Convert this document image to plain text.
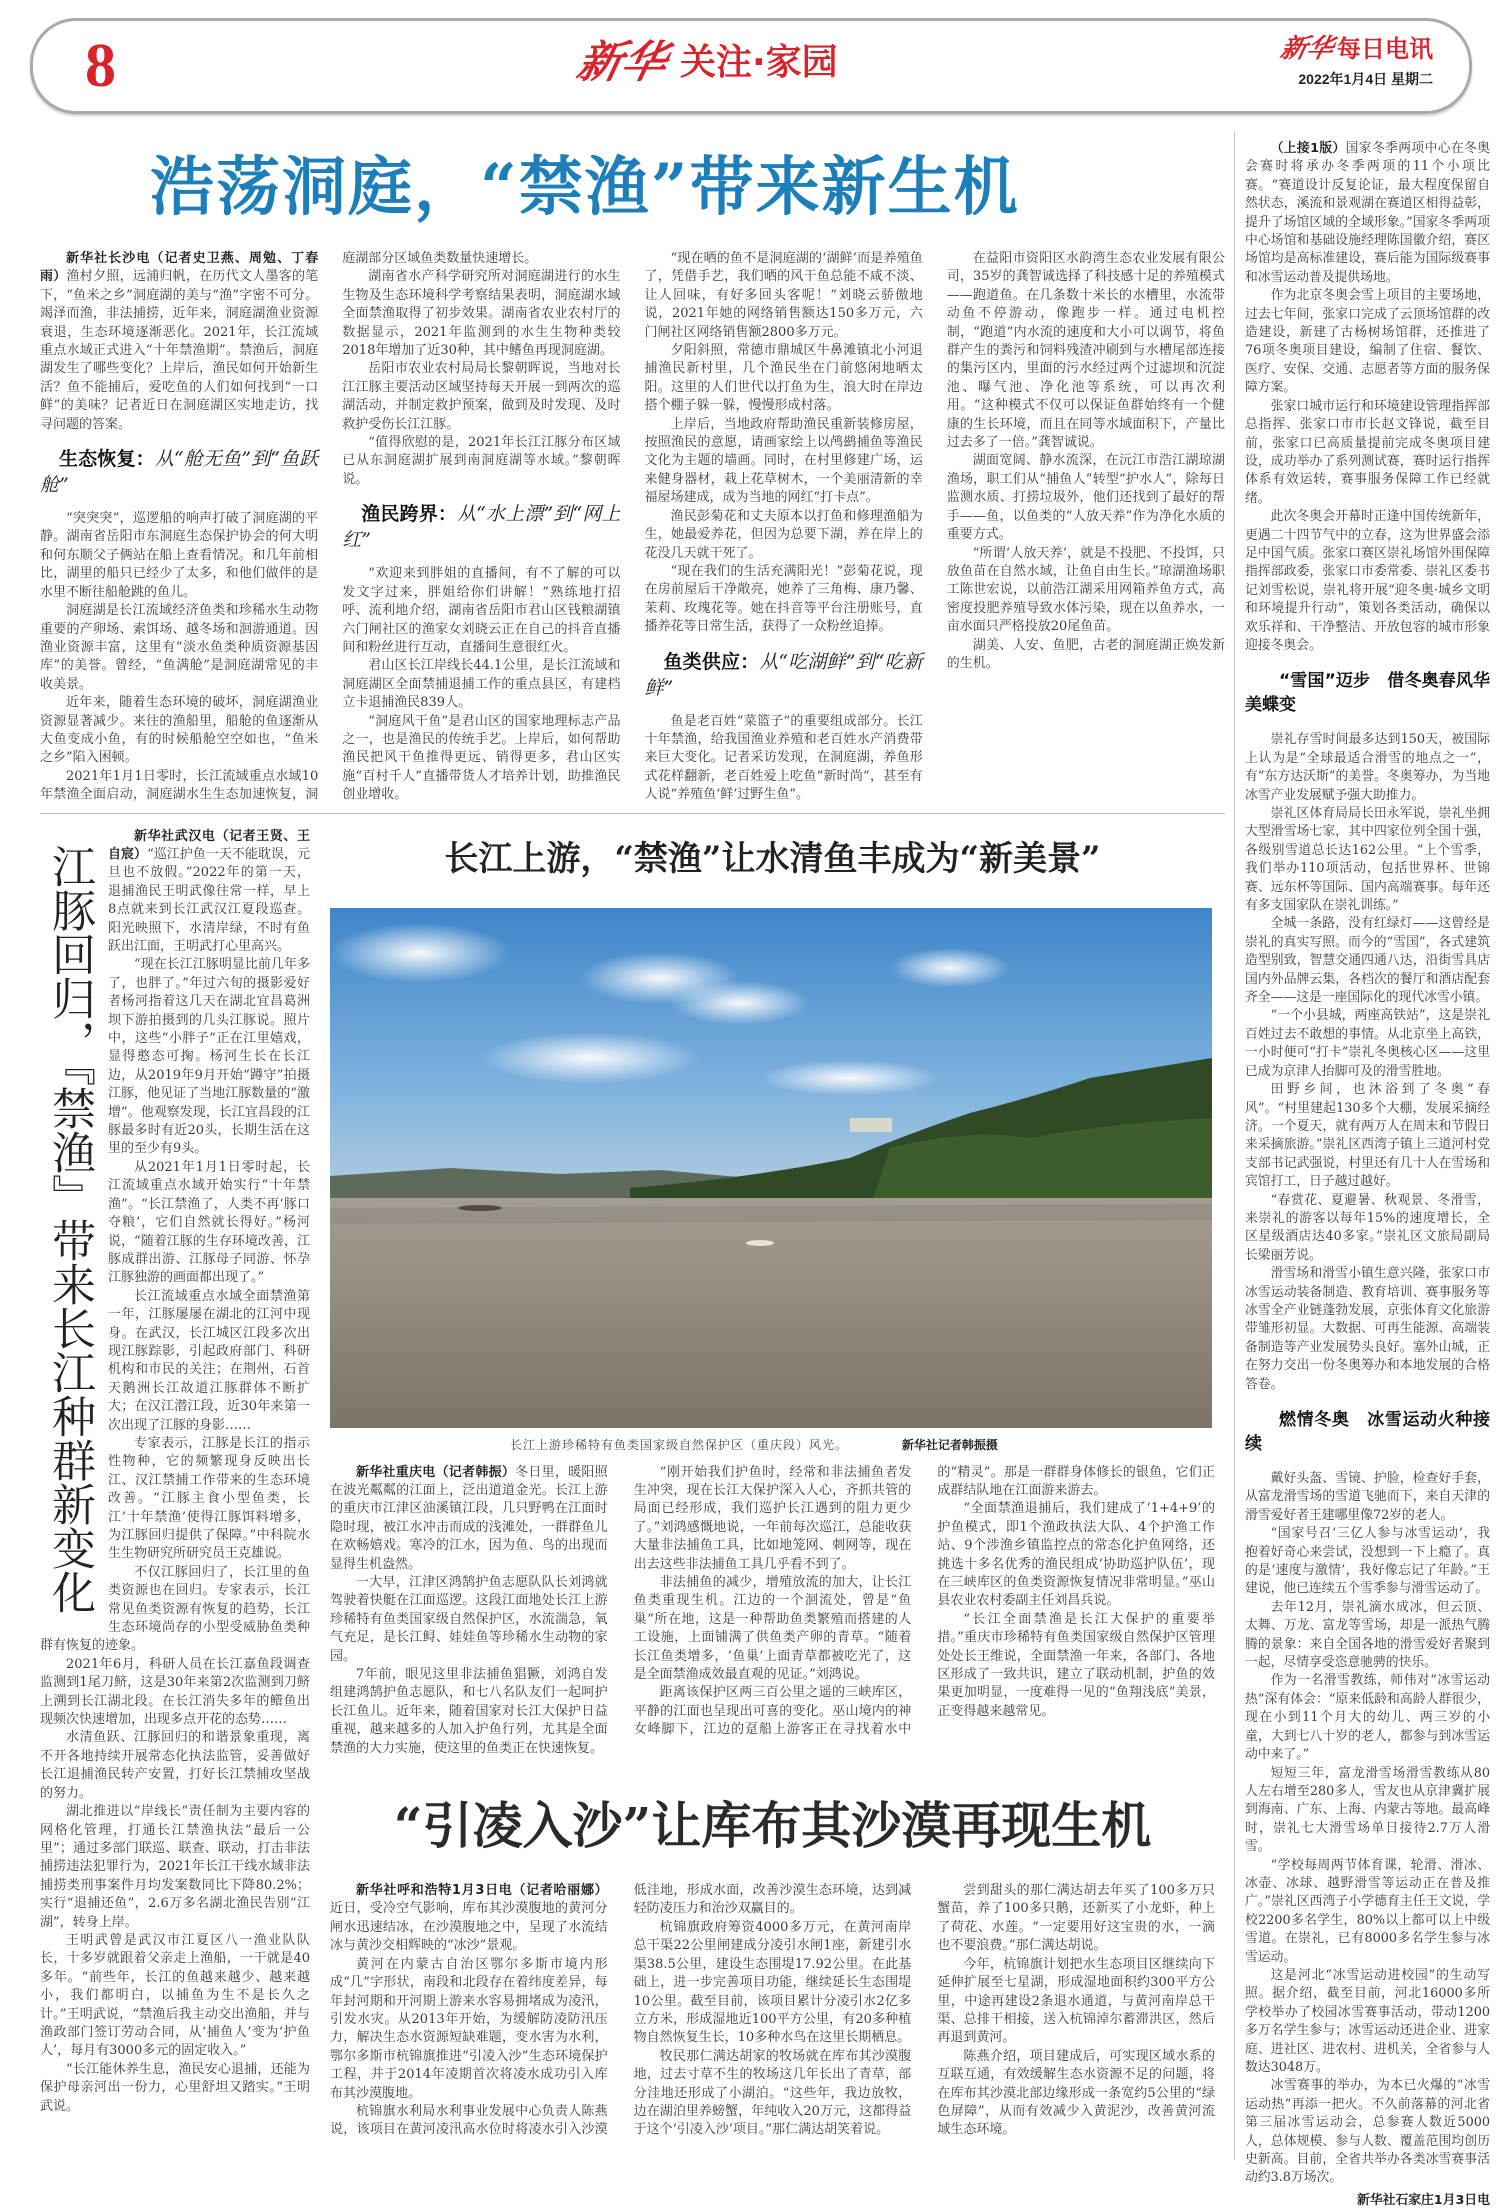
8	新华 关注·家园	新华每日电讯
2022年1月4日 星期二
浩荡洞庭，“禁渔”带来新生机

新华社长沙电（记者史卫燕、周勉、丁春雨）渔村夕照，远浦归帆，在历代文人墨客的笔下，“鱼米之乡”洞庭湖的美与“渔”字密不可分。竭泽而渔，非法捕捞，近年来，洞庭湖渔业资源衰退，生态环境逐渐恶化。2021年，长江流域重点水域正式进入“十年禁渔期”。禁渔后，洞庭湖发生了哪些变化？上岸后，渔民如何开始新生活？鱼不能捕后，爱吃鱼的人们如何找到“一口鲜”的美味？记者近日在洞庭湖区实地走访，找寻问题的答案。

生态恢复：从“舱无鱼”到“鱼跃舱”

“突突突”，巡逻船的响声打破了洞庭湖的平静。湖南省岳阳市东洞庭生态保护协会的何大明和何东顺父子俩站在船上查看情况。和几年前相比，湖里的船只已经少了太多，和他们做伴的是水里不断往船舱跳的鱼儿。

洞庭湖是长江流域经济鱼类和珍稀水生动物重要的产卵场、索饵场、越冬场和洄游通道。因渔业资源丰富，这里有“淡水鱼类种质资源基因库”的美誉。曾经，“鱼满舱”是洞庭湖常见的丰收美景。

近年来，随着生态环境的破坏，洞庭湖渔业资源显著减少。来往的渔船里，船舱的鱼逐渐从大鱼变成小鱼，有的时候船舱空空如也，“鱼米之乡”陷入困顿。

2021年1月1日零时，长江流域重点水域10年禁渔全面启动，洞庭湖水生生态加速恢复，洞庭湖部分区域鱼类数量快速增长。

湖南省水产科学研究所对洞庭湖进行的水生生物及生态环境科学考察结果表明，洞庭湖水域全面禁渔取得了初步效果。湖南省农业农村厅的数据显示，2021年监测到的水生生物种类较2018年增加了近30种，其中鳍鱼再现洞庭湖。

岳阳市农业农村局局长黎朝晖说，当地对长江江豚主要活动区域坚持每天开展一到两次的巡湖活动，并制定救护预案，做到及时发现、及时救护受伤长江江豚。

“值得欣慰的是，2021年长江江豚分布区域已从东洞庭湖扩展到南洞庭湖等水域。”黎朝晖说。

渔民跨界：从“水上漂”到“网上红”

“欢迎来到胖姐的直播间，有不了解的可以发文字过来，胖姐给你们讲解！”熟练地打招呼、流利地介绍，湖南省岳阳市君山区钱粮湖镇六门闸社区的渔家女刘晓云正在自己的抖音直播间和粉丝进行互动，直播间生意很红火。

君山区长江岸线长44.1公里，是长江流域和洞庭湖区全面禁捕退捕工作的重点县区，有建档立卡退捕渔民839人。

“洞庭风干鱼”是君山区的国家地理标志产品之一，也是渔民的传统手艺。上岸后，如何帮助渔民把风干鱼推得更远、销得更多，君山区实施“百村千人”直播带货人才培养计划，助推渔民创业增收。

“现在晒的鱼不是洞庭湖的‘湖鲜’而是养殖鱼了，凭借手艺，我们晒的风干鱼总能不咸不淡、让人回味，有好多回头客呢！”刘晓云骄傲地说，2021年她的网络销售额达150多万元，六门闸社区网络销售额2800多万元。

夕阳斜照，常德市鼎城区牛鼻滩镇北小河退捕渔民新村里，几个渔民坐在门前悠闲地晒太阳。这里的人们世代以打鱼为生，浪大时在岸边搭个棚子躲一躲，慢慢形成村落。

上岸后，当地政府帮助渔民重新装修房屋，按照渔民的意愿，请画家绘上以鸬鹚捕鱼等渔民文化为主题的墙画。同时，在村里修建广场，运来健身器材，栽上花草树木，一个美丽清新的幸福屋场建成，成为当地的网红“打卡点”。

渔民彭菊花和丈夫原本以打鱼和修理渔船为生，她最爱养花，但因为总要下湖，养在岸上的花没几天就干死了。

“现在我们的生活充满阳光！”彭菊花说，现在房前屋后干净敞亮，她养了三角梅、康乃馨、茉莉、玫瑰花等。她在抖音等平台注册账号，直播养花等日常生活，获得了一众粉丝追捧。

鱼类供应：从“吃湖鲜”到“吃新鲜”

鱼是老百姓“菜篮子”的重要组成部分。长江十年禁渔，给我国渔业养殖和老百姓水产消费带来巨大变化。记者采访发现，在洞庭湖，养鱼形式花样翻新，老百姓爱上吃鱼“新时尚”，甚至有人说“养殖鱼‘鲜’过野生鱼”。

在益阳市资阳区水韵湾生态农业发展有限公司，35岁的龚智诚选择了科技感十足的养殖模式——跑道鱼。在几条数十米长的水槽里，水流带动鱼不停游动，像跑步一样。通过电机控制，“跑道”内水流的速度和大小可以调节，将鱼群产生的粪污和饲料残渣冲刷到与水槽尾部连接的集污区内，里面的污水经过两个过滤坝和沉淀池、曝气池、净化池等系统，可以再次利用。“这种模式不仅可以保证鱼群始终有一个健康的生长环境，而且在同等水域面积下，产量比过去多了一倍。”龚智诚说。

湖面宽阔、静水流深，在沅江市浩江湖琼湖渔场，职工们从“捕鱼人”转型“护水人”，除每日监测水质、打捞垃圾外，他们还找到了最好的帮手——鱼，以鱼类的“人放天养”作为净化水质的重要方式。

“所谓‘人放天养’，就是不投肥、不投饵，只放鱼苗在自然水域，让鱼自由生长。”琼湖渔场职工陈世宏说，以前浩江湖采用网箱养鱼方式，高密度投肥养殖导致水体污染，现在以鱼养水，一亩水面只严格投放20尾鱼苗。

湖美、人安、鱼肥，古老的洞庭湖正焕发新的生机。

江豚回归，『禁渔』带来长江种群新变化

新华社武汉电（记者王贤、王自宸）“巡江护鱼一天不能耽误，元旦也不放假。”2022年的第一天，退捕渔民王明武像往常一样，早上8点就来到长江武汉江夏段巡查。阳光映照下，水清岸绿，不时有鱼跃出江面，王明武打心里高兴。

“现在长江江豚明显比前几年多了，也胖了。”年过六旬的摄影爱好者杨河指着这几天在湖北宜昌葛洲坝下游拍摄到的几头江豚说。照片中，这些“小胖子”正在江里嬉戏，显得憨态可掬。杨河生长在长江边，从2019年9月开始“蹲守”拍摄江豚，他见证了当地江豚数量的“激增”。他观察发现，长江宜昌段的江豚最多时有近20头，长期生活在这里的至少有9头。

从2021年1月1日零时起，长江流域重点水域开始实行“十年禁渔”。“长江禁渔了，人类不再‘豚口夺粮’，它们自然就长得好。”杨河说，“随着江豚的生存环境改善，江豚成群出游、江豚母子同游、怀孕江豚独游的画面都出现了。”

长江流域重点水域全面禁渔第一年，江豚屡屡在湖北的江河中现身。在武汉，长江城区江段多次出现江豚踪影，引起政府部门、科研机构和市民的关注；在荆州，石首天鹅洲长江故道江豚群体不断扩大；在汉江潜江段，近30年来第一次出现了江豚的身影……

专家表示，江豚是长江的指示性物种，它的频繁现身反映出长江、汉江禁捕工作带来的生态环境改善。“江豚主食小型鱼类，长江‘十年禁渔’使得江豚饵料增多，为江豚回归提供了保障。”中科院水生生物研究所研究员王克雄说。

不仅江豚回归了，长江里的鱼类资源也在回归。专家表示，长江常见鱼类资源有恢复的趋势，长江生态环境尚存的小型受威胁鱼类种群有恢复的迹象。

2021年6月，科研人员在长江嘉鱼段调查监测到1尾刀鲚，这是30年来第2次监测到刀鲚上溯到长江湖北段。在长江消失多年的鳤鱼出现频次快速增加，出现多点开花的态势……

水清鱼跃、江豚回归的和谐景象重现，离不开各地持续开展常态化执法监管，妥善做好长江退捕渔民转产安置，打好长江禁捕攻坚战的努力。

湖北推进以“岸线长”责任制为主要内容的网格化管理，打通长江禁渔执法“最后一公里”；通过多部门联巡、联查、联动，打击非法捕捞违法犯罪行为，2021年长江干线水域非法捕捞类刑事案件月均发案数同比下降80.2%；实行“退捕还鱼”，2.6万多名湖北渔民告别“江湖”，转身上岸。

王明武曾是武汉市江夏区八一渔业队队长，十多岁就跟着父亲走上渔船，一干就是40多年。“前些年，长江的鱼越来越少、越来越小，我们都明白，以捕鱼为生不是长久之计。”王明武说，“禁渔后我主动交出渔船，并与渔政部门签订劳动合同，从‘捕鱼人’变为‘护鱼人’，每月有3000多元的固定收入。”

“长江能休养生息，渔民安心退捕，还能为保护母亲河出一份力，心里舒坦又踏实。”王明武说。

长江上游，“禁渔”让水清鱼丰成为“新美景”
长江上游珍稀特有鱼类国家级自然保护区（重庆段）风光。	新华社记者韩振摄

新华社重庆电（记者韩振）冬日里，暖阳照在波光粼粼的江面上，泛出道道金光。长江上游的重庆市江津区油溪镇江段，几只野鸭在江面时隐时现，被江水冲击而成的浅滩处，一群群鱼儿在欢畅嬉戏。寒冷的江水，因为鱼、鸟的出现而显得生机盎然。

一大早，江津区鸿鹄护鱼志愿队队长刘鸿就驾驶着快艇在江面巡逻。这段江面地处长江上游珍稀特有鱼类国家级自然保护区，水流湍急，氧气充足，是长江鲟、娃娃鱼等珍稀水生动物的家园。

7年前，眼见这里非法捕鱼猖獗，刘鸿自发组建鸿鹄护鱼志愿队，和七八名队友们一起呵护长江鱼儿。近年来，随着国家对长江大保护日益重视，越来越多的人加入护鱼行列，尤其是全面禁渔的大力实施，使这里的鱼类正在快速恢复。

“刚开始我们护鱼时，经常和非法捕鱼者发生冲突，现在长江大保护深入人心，齐抓共管的局面已经形成，我们巡护长江遇到的阻力更少了。”刘鸿感慨地说，一年前每次巡江，总能收获大量非法捕鱼工具，比如地笼网、刺网等，现在出去这些非法捕鱼工具几乎看不到了。

非法捕鱼的减少，增殖放流的加大，让长江鱼类重现生机。江边的一个洄流处，曾是“鱼巢”所在地，这是一种帮助鱼类繁殖而搭建的人工设施，上面铺满了供鱼类产卵的青草。“随着长江鱼类增多，‘鱼巢’上面青草都被吃光了，这是全面禁渔成效最直观的见证。”刘鸿说。

距离该保护区两三百公里之遥的三峡库区，平静的江面也呈现出可喜的变化。巫山境内的神女峰脚下，江边的趸船上游客正在寻找着水中的“精灵”。那是一群群身体修长的银鱼，它们正成群结队地在江面游来游去。

“全面禁渔退捕后，我们建成了‘1+4+9’的护鱼模式，即1个渔政执法大队、4个护渔工作站、9个涉渔乡镇监控点的常态化护鱼网络，还挑选十多名优秀的渔民组成‘协助巡护队伍’，现在三峡库区的鱼类资源恢复情况非常明显。”巫山县农业农村委副主任刘昌兵说。

“长江全面禁渔是长江大保护的重要举措。”重庆市珍稀特有鱼类国家级自然保护区管理处处长王维说，全面禁渔一年来，各部门、各地区形成了一致共识，建立了联动机制，护鱼的效果更加明显，一度难得一见的“鱼翔浅底”美景，正变得越来越常见。

“引凌入沙”让库布其沙漠再现生机

新华社呼和浩特1月3日电（记者哈丽娜）近日，受冷空气影响，库布其沙漠腹地的黄河分闸水迅速结冰，在沙漠腹地之中，呈现了水流结冰与黄沙交相辉映的“冰沙”景观。

黄河在内蒙古自治区鄂尔多斯市境内形成“几”字形状，南段和北段存在着纬度差异，每年封河期和开河期上游来水容易拥堵成为凌汛，引发水灾。从2013年开始，为缓解防凌防汛压力，解决生态水资源短缺难题，变水害为水利，鄂尔多斯市杭锦旗推进“引凌入沙”生态环境保护工程，并于2014年凌期首次将凌水成功引入库布其沙漠腹地。

杭锦旗水利局水利事业发展中心负责人陈燕说，该项目在黄河凌汛高水位时将凌水引入沙漠低洼地，形成水面，改善沙漠生态环境，达到减轻防凌压力和治沙双赢目的。

杭锦旗政府筹资4000多万元，在黄河南岸总干渠22公里闸建成分凌引水闸1座，新建引水渠38.5公里，建设生态围堤17.92公里。在此基础上，进一步完善项目功能，继续延长生态围堤10公里。截至目前，该项目累计分凌引水2亿多立方米，形成湿地近100平方公里，有20多种植物自然恢复生长，10多种水鸟在这里长期栖息。

牧民那仁满达胡家的牧场就在库布其沙漠腹地，过去寸草不生的牧场这几年长出了青草，部分洼地还形成了小湖泊。“这些年，我边放牧，边在湖泊里养螃蟹，年纯收入20万元，这都得益于这个‘引凌入沙’项目。”那仁满达胡笑着说。

尝到甜头的那仁满达胡去年买了100多万只蟹苗，养了100多只鹅，还新买了小龙虾，种上了荷花、水莲。“一定要用好这宝贵的水，一滴也不要浪费。”那仁满达胡说。

今年，杭锦旗计划把水生态项目区继续向下延伸扩展至七星湖，形成湿地面积约300平方公里，中途再建设2条退水通道，与黄河南岸总干渠、总排干相接，送入杭锦淖尔蓄滞洪区，然后再退到黄河。

陈燕介绍，项目建成后，可实现区域水系的互联互通，有效缓解生态水资源不足的问题，将在库布其沙漠北部边缘形成一条宽约5公里的“绿色屏障”，从而有效减少入黄泥沙，改善黄河流域生态环境。

（上接1版）国家冬季两项中心在冬奥会赛时将承办冬季两项的11个小项比赛。“赛道设计反复论证，最大程度保留自然状态，溪流和景观湖在赛道区相得益彰，提升了场馆区域的全域形象。”国家冬季两项中心场馆和基础设施经理陈国徽介绍，赛区场馆均是高标准建设，赛后能为国际级赛事和冰雪运动普及提供场地。

作为北京冬奥会雪上项目的主要场地，过去七年间，张家口完成了云顶场馆群的改造建设，新建了古杨树场馆群，还推进了76项冬奥项目建设，编制了住宿、餐饮、医疗、安保、交通、志愿者等方面的服务保障方案。

张家口城市运行和环境建设管理指挥部总指挥、张家口市市长赵文锋说，截至目前，张家口已高质量提前完成冬奥项目建设，成功举办了系列测试赛，赛时运行指挥体系有效运转，赛事服务保障工作已经就绪。

此次冬奥会开幕时正逢中国传统新年，更遇二十四节气中的立春，这为世界盛会添足中国气质。张家口赛区崇礼场馆外围保障指挥部政委，张家口市委常委、崇礼区委书记刘雪松说，崇礼将开展“迎冬奥·城乡文明和环境提升行动”，策划各类活动，确保以欢乐祥和、干净整洁、开放包容的城市形象迎接冬奥会。

“雪国”迈步　借冬奥春风华美蝶变

崇礼存雪时间最多达到150天，被国际上认为是“全球最适合滑雪的地点之一”，有“东方达沃斯”的美誉。冬奥筹办，为当地冰雪产业发展赋予强大助推力。

崇礼区体育局局长田永军说，崇礼坐拥大型滑雪场七家，其中四家位列全国十强，各级别雪道总长达162公里。“上个雪季，我们举办110项活动，包括世界杯、世锦赛、远东杯等国际、国内高端赛事。每年还有多支国家队在崇礼训练。”

全城一条路，没有红绿灯——这曾经是崇礼的真实写照。而今的“雪国”，各式建筑造型别致，智慧交通四通八达，沿街雪具店国内外品牌云集，各档次的餐厅和酒店配套齐全——这是一座国际化的现代冰雪小镇。

“一个小县城，两座高铁站”，这是崇礼百姓过去不敢想的事情。从北京坐上高铁，一小时便可“打卡”崇礼冬奥核心区——这里已成为京津人抬脚可及的滑雪胜地。

田野乡间，也沐浴到了冬奥“春风”。“村里建起130多个大棚，发展采摘经济。一个夏天，就有两万人在周末和节假日来采摘旅游。”崇礼区西湾子镇上三道河村党支部书记武强说，村里还有几十人在雪场和宾馆打工，日子越过越好。

“春赏花、夏避暑、秋观景、冬滑雪，来崇礼的游客以每年15%的速度增长，全区星级酒店达40多家。”崇礼区文旅局副局长梁丽芳说。

滑雪场和滑雪小镇生意兴隆，张家口市冰雪运动装备制造、教育培训、赛事服务等冰雪全产业链蓬勃发展，京张体育文化旅游带雏形初显。大数据、可再生能源、高端装备制造等产业发展势头良好。塞外山城，正在努力交出一份冬奥筹办和本地发展的合格答卷。

燃情冬奥　冰雪运动火种接续

戴好头盔、雪镜、护脸，检查好手套，从富龙滑雪场的雪道飞驰而下，来自天津的滑雪爱好者王建哪里像72岁的老人。

“国家号召‘三亿人参与冰雪运动’，我抱着好奇心来尝试，没想到一下上瘾了。真的是‘速度与激情’，我好像忘记了年龄。”王建说，他已连续五个雪季参与滑雪运动了。

去年12月，崇礼滴水成冰，但云顶、太舞、万龙、富龙等雪场，却是一派热气腾腾的景象：来自全国各地的滑雪爱好者聚到一起，尽情享受恣意驰骋的快乐。

作为一名滑雪教练，师伟对“冰雪运动热”深有体会：“原来低龄和高龄人群很少，现在小到11个月大的幼儿、两三岁的小童，大到七八十岁的老人，都参与到冰雪运动中来了。”

短短三年，富龙滑雪场滑雪教练从80人左右增至280多人，雪友也从京津冀扩展到海南、广东、上海、内蒙古等地。最高峰时，崇礼七大滑雪场单日接待2.7万人滑雪。

“学校每周两节体育课，轮滑、滑冰、冰壶、冰球、越野滑雪等运动正在普及推广。”崇礼区西湾子小学德育主任王文说，学校2200多名学生，80%以上都可以上中级雪道。在崇礼，已有8000多名学生参与冰雪运动。

这是河北“冰雪运动进校园”的生动写照。据介绍，截至目前，河北16000多所学校举办了校园冰雪赛事活动，带动1200多万名学生参与；冰雪运动还进企业、进家庭、进社区、进农村、进机关，全省参与人数达3048万。

冰雪赛事的举办，为本已火爆的“冰雪运动热”再添一把火。不久前落幕的河北省第三届冰雪运动会，总参赛人数近5000人，总体规模、参与人数、覆盖范围均创历史新高。目前，全省共举办各类冰雪赛事活动约3.8万场次。

新华社石家庄1月3日电
